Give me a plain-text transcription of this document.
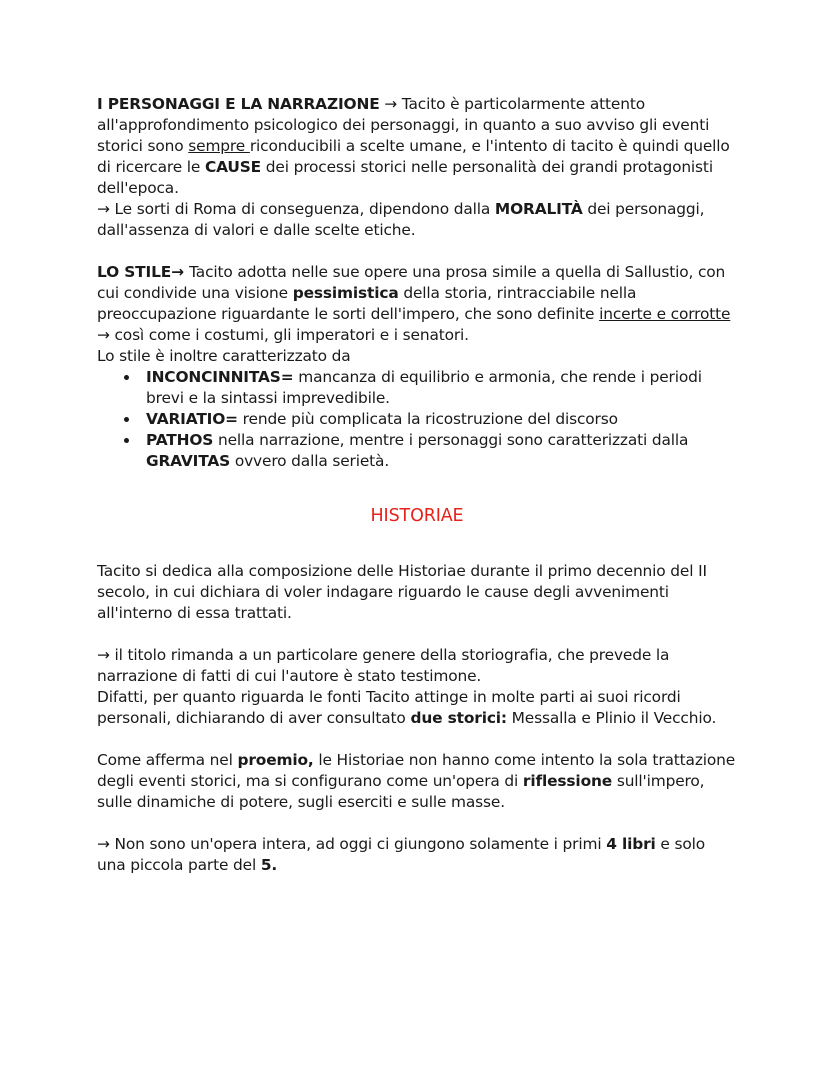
I PERSONAGGI E LA NARRAZIONE → Tacito è particolarmente attento all'approfondimento psicologico dei personaggi, in quanto a suo avviso gli eventi storici sono sempre riconducibili a scelte umane, e l'intento di tacito è quindi quello di ricercare le CAUSE dei processi storici nelle personalità dei grandi protagonisti dell'epoca.

→ Le sorti di Roma di conseguenza, dipendono dalla MORALITÀ dei personaggi, dall'assenza di valori e dalle scelte etiche.

LO STILE→ Tacito adotta nelle sue opere una prosa simile a quella di Sallustio, con cui condivide una visione pessimistica della storia, rintracciabile nella preoccupazione riguardante le sorti dell'impero, che sono definite incerte e corrotte → così come i costumi, gli imperatori e i senatori.

Lo stile è inoltre caratterizzato da

INCONCINNITAS= mancanza di equilibrio e armonia, che rende i periodi brevi e la sintassi imprevedibile.
VARIATIO= rende più complicata la ricostruzione del discorso
PATHOS nella narrazione, mentre i personaggi sono caratterizzati dalla GRAVITAS ovvero dalla serietà.
HISTORIAE

Tacito si dedica alla composizione delle Historiae durante il primo decennio del II secolo, in cui dichiara di voler indagare riguardo le cause degli avvenimenti all'interno di essa trattati.

→ il titolo rimanda a un particolare genere della storiografia, che prevede la narrazione di fatti di cui l'autore è stato testimone.

Difatti, per quanto riguarda le fonti Tacito attinge in molte parti ai suoi ricordi personali, dichiarando di aver consultato due storici: Messalla e Plinio il Vecchio.

Come afferma nel proemio, le Historiae non hanno come intento la sola trattazione degli eventi storici, ma si configurano come un'opera di riflessione sull'impero, sulle dinamiche di potere, sugli eserciti e sulle masse.

→ Non sono un'opera intera, ad oggi ci giungono solamente i primi 4 libri e solo una piccola parte del 5.
